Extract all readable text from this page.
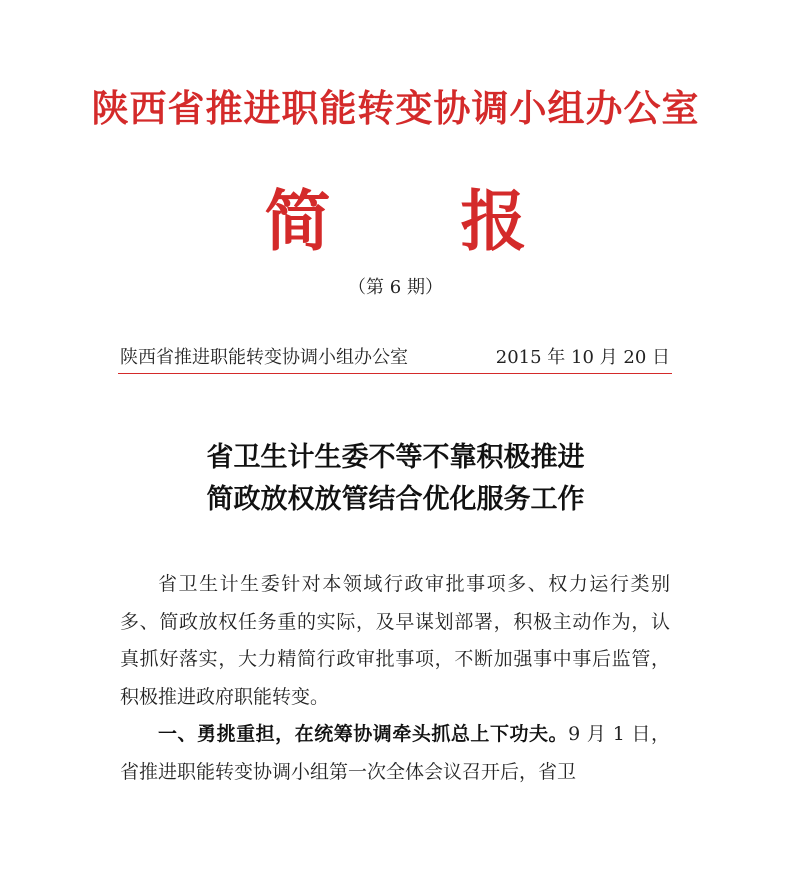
陕西省推进职能转变协调小组办公室
简 报
（第 6 期）
陕西省推进职能转变协调小组办公室	2015 年 10 月 20 日
省卫生计生委不等不靠积极推进
简政放权放管结合优化服务工作

省卫生计生委针对本领域行政审批事项多、权力运行类别多、简政放权任务重的实际，及早谋划部署，积极主动作为，认真抓好落实，大力精简行政审批事项，不断加强事中事后监管，积极推进政府职能转变。

一、勇挑重担，在统筹协调牵头抓总上下功夫。9 月 1 日，省推进职能转变协调小组第一次全体会议召开后，省卫
